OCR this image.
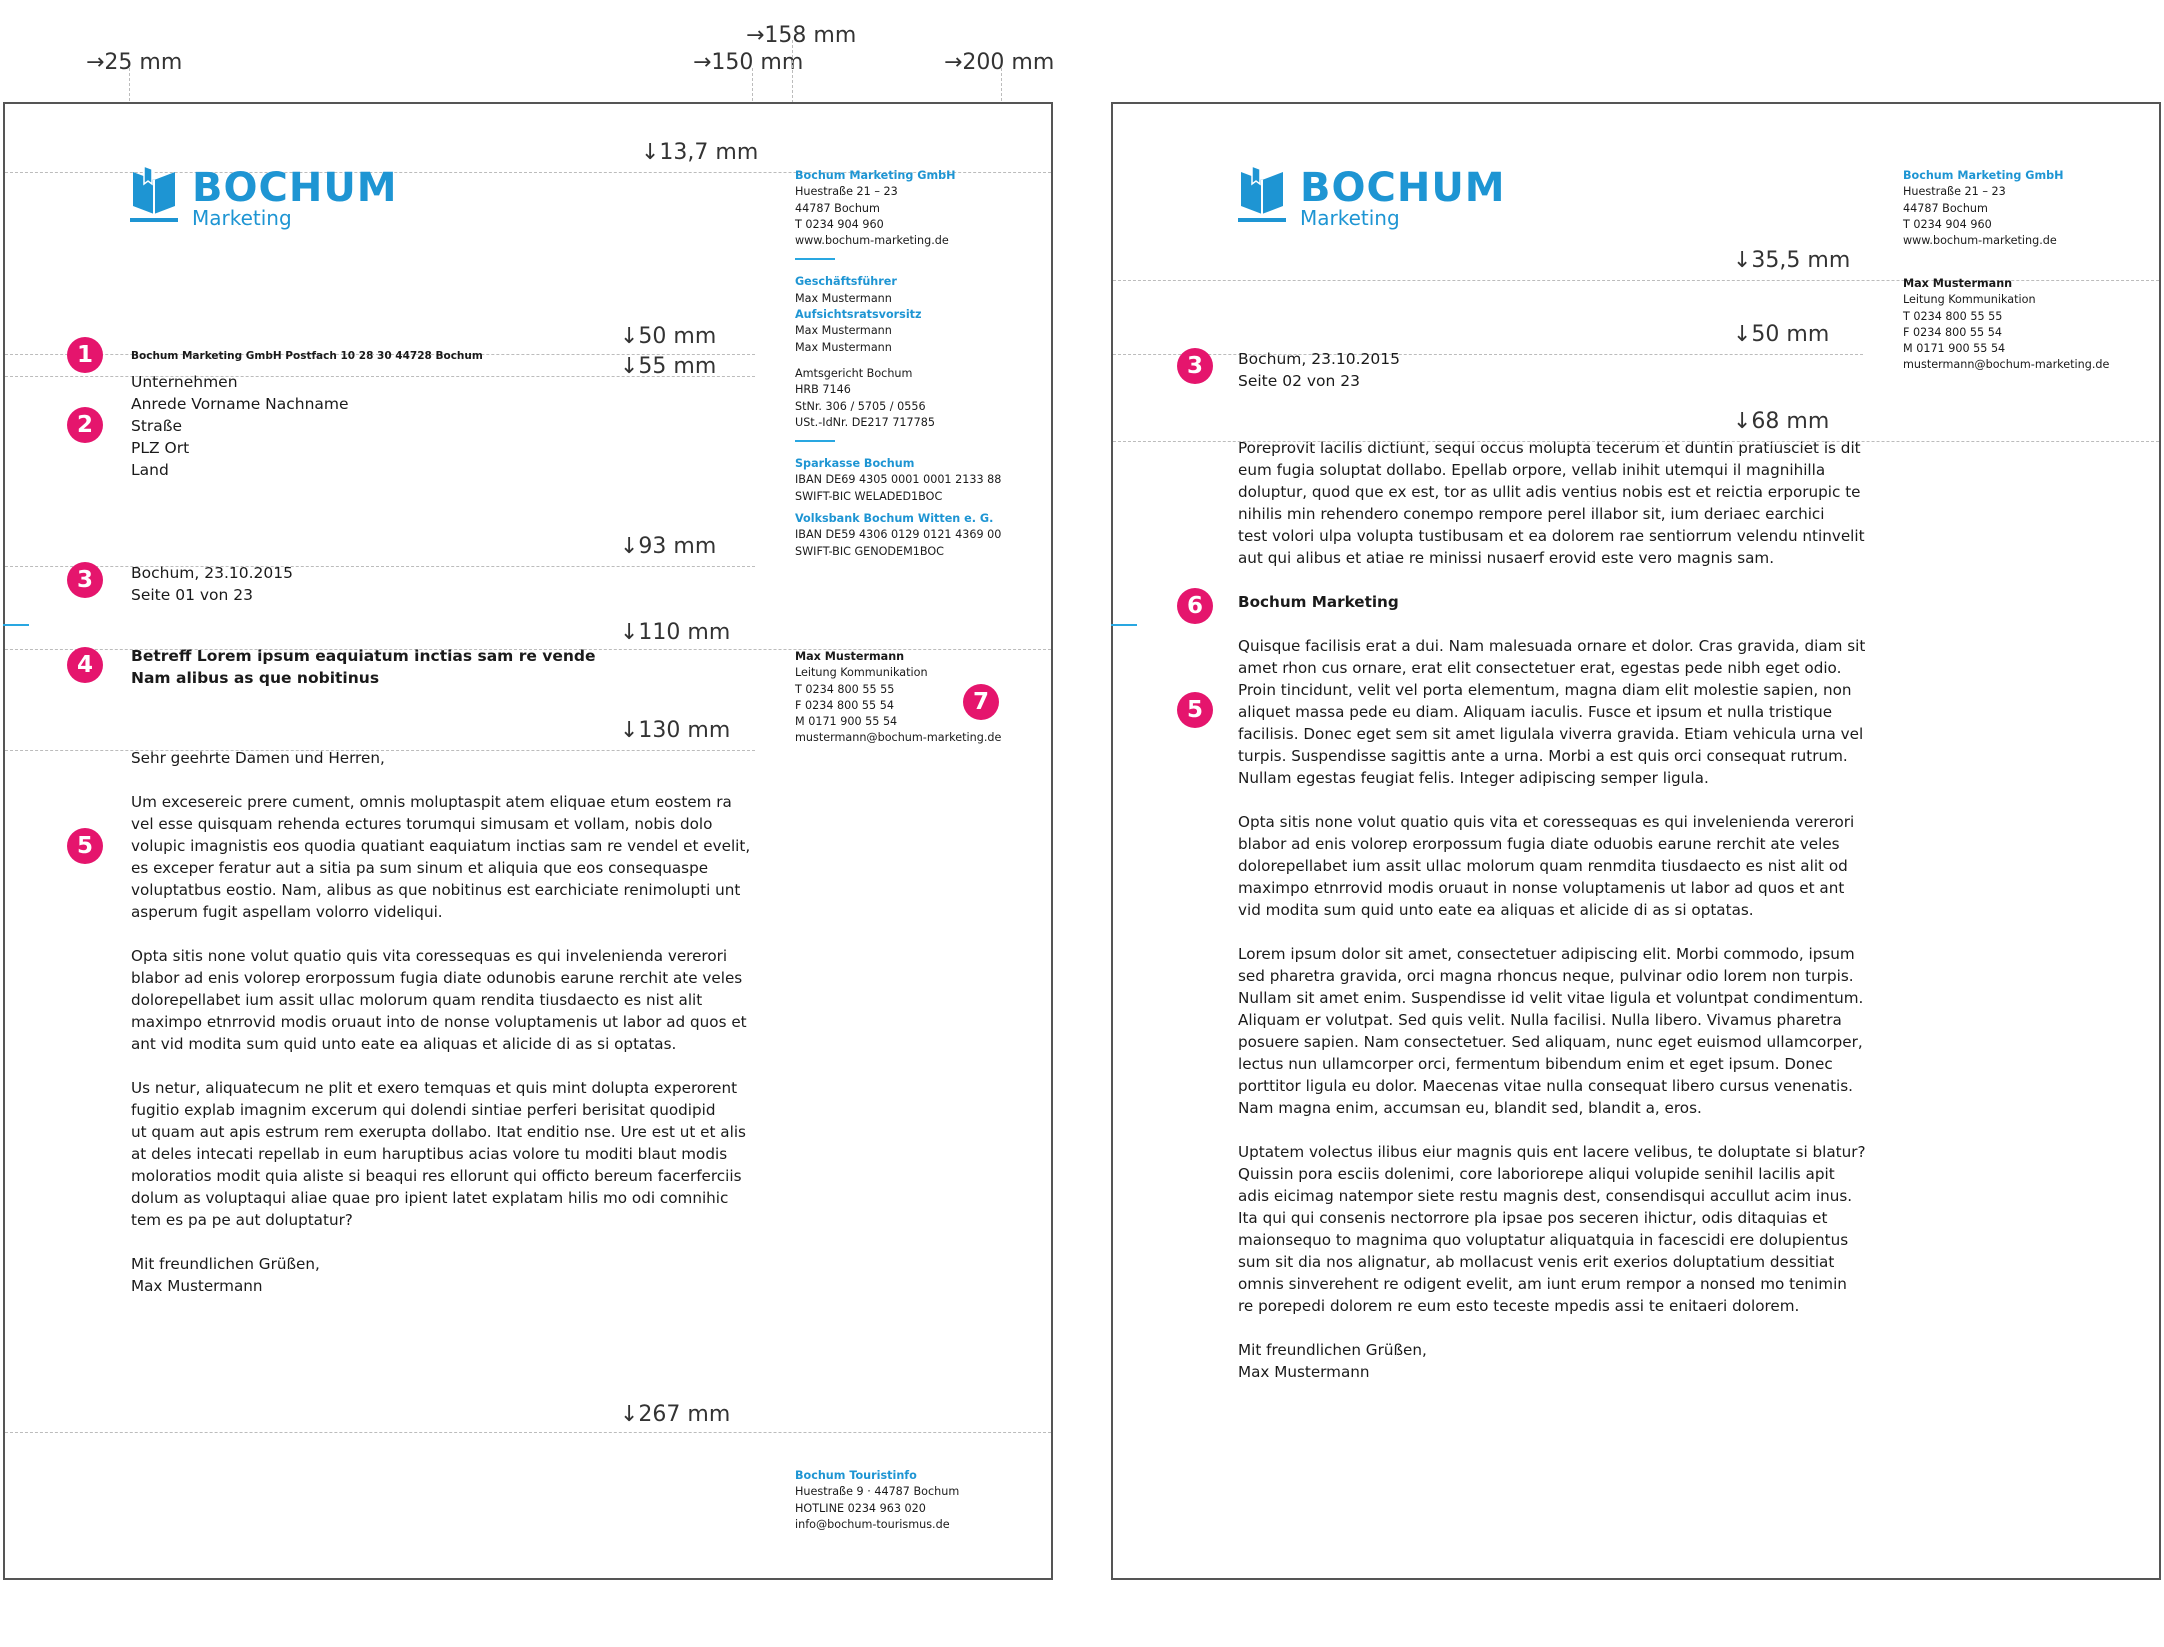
→25 mm	→150 mm
→158 mm
→200 mm
↓13,7 mm
↓50 mm
↓55 mm
↓93 mm
↓110 mm
↓130 mm
↓267 mm
BOCHUM
Marketing
1
2
3
4
5
7
Bochum Marketing GmbH Postfach 10 28 30 44728 Bochum
Unternehmen
Anrede Vorname Nachname
Straße
PLZ Ort
Land
Bochum, 23.10.2015
Seite 01 von 23
Betreff Lorem ipsum eaquiatum inctias sam re vende
Nam alibus as que nobitinus

Sehr geehrte Damen und Herren,

Um excesereic prere cument, omnis moluptaspit atem eliquae etum eostem ra
vel esse quisquam rehenda ectures torumqui simusam et vollam, nobis dolo
volupic imagnistis eos quodia quatiant eaquiatum inctias sam re vendel et evelit,
es exceper feratur aut a sitia pa sum sinum et aliquia que eos consequaspe
voluptatbus eostio. Nam, alibus as que nobitinus est earchiciate renimolupti unt
asperum fugit aspellam volorro videliqui.

Opta sitis none volut quatio quis vita coressequas es qui invelenienda vererori
blabor ad enis volorep erorpossum fugia diate odunobis earune rerchit ate veles
dolorepellabet ium assit ullac molorum quam rendita tiusdaecto es nist alit
maximpo etnrrovid modis oruaut into de nonse voluptamenis ut labor ad quos et
ant vid modita sum quid unto eate ea aliquas et alicide di as si optatas.

Us netur, aliquatecum ne plit et exero temquas et quis mint dolupta experorent
fugitio explab imagnim excerum qui dolendi sintiae perferi berisitat quodipid
ut quam aut apis estrum rem exerupta dollabo. Itat enditio nse. Ure est ut et alis
at deles intecati repellab in eum haruptibus acias volore tu moditi blaut modis
moloratios modit quia aliste si beaqui res ellorunt qui officto bereum facerferciis
dolum as voluptaqui aliae quae pro ipient latet explatam hilis mo odi comnihic
tem es pa pe aut doluptatur?

Mit freundlichen Grüßen,
Max Mustermann

Bochum Marketing GmbH
Huestraße 21 – 23
44787 Bochum
T 0234 904 960
www.bochum-marketing.de
Geschäftsführer
Max Mustermann
Aufsichtsratsvorsitz
Max Mustermann
Max Mustermann
Amtsgericht Bochum
HRB 7146
StNr. 306 / 5705 / 0556
USt.-IdNr. DE217 717785
Sparkasse Bochum
IBAN DE69 4305 0001 0001 2133 88
SWIFT-BIC WELADED1BOC
Volksbank Bochum Witten e. G.
IBAN DE59 4306 0129 0121 4369 00
SWIFT-BIC GENODEM1BOC
Max Mustermann
Leitung Kommunikation
T 0234 800 55 55
F 0234 800 55 54
M 0171 900 55 54
mustermann@bochum-marketing.de
Bochum Touristinfo
Huestraße 9 · 44787 Bochum
HOTLINE 0234 963 020
info@bochum-tourismus.de
↓35,5 mm
↓50 mm
↓68 mm
BOCHUM
Marketing
3
6
5
Bochum, 23.10.2015
Seite 02 von 23

Poreprovit lacilis dictiunt, sequi occus molupta tecerum et duntin pratiusciet is dit
eum fugia soluptat dollabo. Epellab orpore, vellab inihit utemqui il magnihilla
doluptur, quod que ex est, tor as ullit adis ventius nobis est et reictia erporupic te
nihilis min rehendero conempo rempore perel illabor sit, ium deriaec earchici
test volori ulpa volupta tustibusam et ea dolorem rae sentiorrum velendu ntinvelit
aut qui alibus et atiae re minissi nusaerf erovid este vero magnis sam.

Bochum Marketing

Quisque facilisis erat a dui. Nam malesuada ornare et dolor. Cras gravida, diam sit
amet rhon cus ornare, erat elit consectetuer erat, egestas pede nibh eget odio.
Proin tincidunt, velit vel porta elementum, magna diam elit molestie sapien, non
aliquet massa pede eu diam. Aliquam iaculis. Fusce et ipsum et nulla tristique
facilisis. Donec eget sem sit amet ligulala viverra gravida. Etiam vehicula urna vel
turpis. Suspendisse sagittis ante a urna. Morbi a est quis orci consequat rutrum.
Nullam egestas feugiat felis. Integer adipiscing semper ligula.

Opta sitis none volut quatio quis vita et coressequas es qui invelenienda vererori
blabor ad enis volorep erorpossum fugia diate oduobis earune rerchit ate veles
dolorepellabet ium assit ullac molorum quam renmdita tiusdaecto es nist alit od
maximpo etnrrovid modis oruaut in nonse voluptamenis ut labor ad quos et ant
vid modita sum quid unto eate ea aliquas et alicide di as si optatas.

Lorem ipsum dolor sit amet, consectetuer adipiscing elit. Morbi commodo, ipsum
sed pharetra gravida, orci magna rhoncus neque, pulvinar odio lorem non turpis.
Nullam sit amet enim. Suspendisse id velit vitae ligula et voluntpat condimentum.
Aliquam er volutpat. Sed quis velit. Nulla facilisi. Nulla libero. Vivamus pharetra
posuere sapien. Nam consectetuer. Sed aliquam, nunc eget euismod ullamcorper,
lectus nun ullamcorper orci, fermentum bibendum enim et eget ipsum. Donec
porttitor ligula eu dolor. Maecenas vitae nulla consequat libero cursus venenatis.
Nam magna enim, accumsan eu, blandit sed, blandit a, eros.

Uptatem volectus ilibus eiur magnis quis ent lacere velibus, te doluptate si blatur?
Quissin pora esciis dolenimi, core laboriorepe aliqui volupide senihil lacilis apit
adis eicimag natempor siete restu magnis dest, consendisqui accullut acim inus.
Ita qui qui consenis nectorrore pla ipsae pos seceren ihictur, odis ditaquias et
maionsequo to magnima quo voluptatur aliquatquia in facescidi ere dolupientus
sum sit dia nos alignatur, ab mollacust venis erit exerios doluptatium dessitiat
omnis sinverehent re odigent evelit, am iunt erum rempor a nonsed mo tenimin
re porepedi dolorem re eum esto teceste mpedis assi te enitaeri dolorem.

Mit freundlichen Grüßen,
Max Mustermann

Bochum Marketing GmbH
Huestraße 21 – 23
44787 Bochum
T 0234 904 960
www.bochum-marketing.de
Max Mustermann
Leitung Kommunikation
T 0234 800 55 55
F 0234 800 55 54
M 0171 900 55 54
mustermann@bochum-marketing.de
